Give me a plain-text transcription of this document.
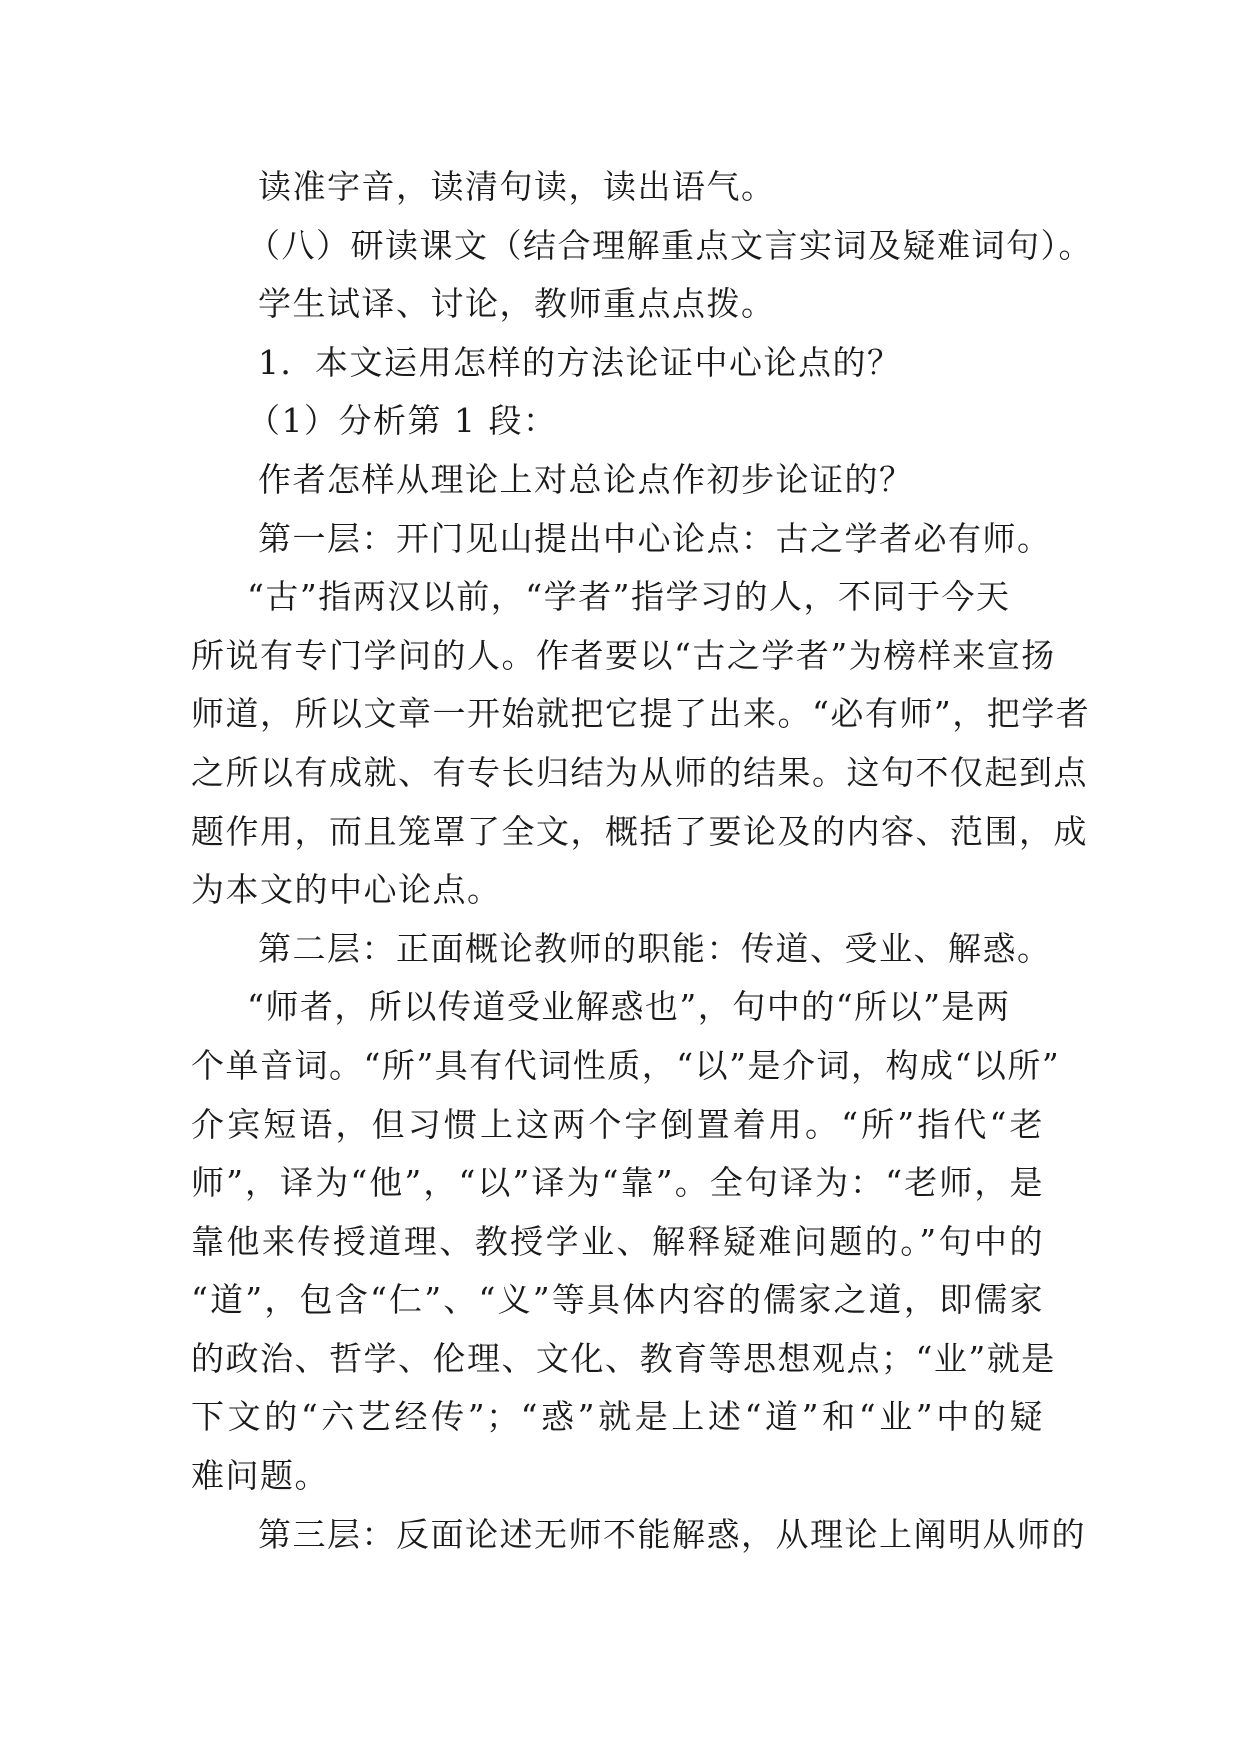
读准字音，读清句读，读出语气。
（八）研读课文（结合理解重点文言实词及疑难词句）。
学生试译、讨论，教师重点点拨。
1．本文运用怎样的方法论证中心论点的？
（1）分析第 1 段：
作者怎样从理论上对总论点作初步论证的？
第一层：开门见山提出中心论点：古之学者必有师。
“古”指两汉以前，“学者”指学习的人，不同于今天
所说有专门学问的人。作者要以“古之学者”为榜样来宣扬
师道，所以文章一开始就把它提了出来。“必有师”，把学者
之所以有成就、有专长归结为从师的结果。这句不仅起到点
题作用，而且笼罩了全文，概括了要论及的内容、范围，成
为本文的中心论点。
第二层：正面概论教师的职能：传道、受业、解惑。
“师者，所以传道受业解惑也”，句中的“所以”是两
个单音词。“所”具有代词性质，“以”是介词，构成“以所”
介宾短语，但习惯上这两个字倒置着用。“所”指代“老
师”，译为“他”，“以”译为“靠”。全句译为：“老师，是
靠他来传授道理、教授学业、解释疑难问题的。”句中的
“道”，包含“仁”、“义”等具体内容的儒家之道，即儒家
的政治、哲学、伦理、文化、教育等思想观点；“业”就是
下文的“六艺经传”；“惑”就是上述“道”和“业”中的疑
难问题。
第三层：反面论述无师不能解惑，从理论上阐明从师的
